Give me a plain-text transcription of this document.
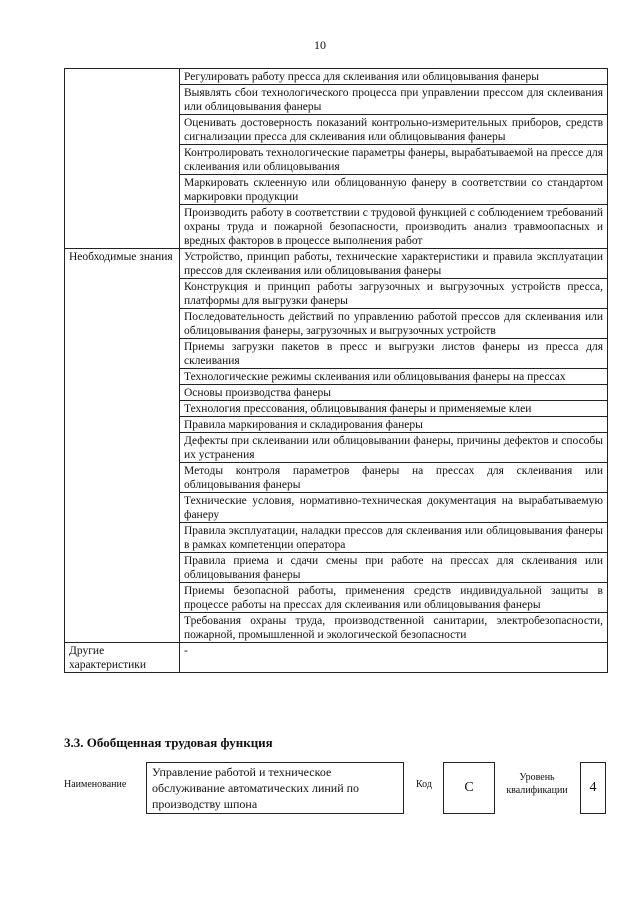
10
	Регулировать работу пресса для склеивания или облицовывания фанеры
	Выявлять сбои технологического процесса при управлении прессом для склеивания или облицовывания фанеры
	Оценивать достоверность показаний контрольно-измерительных приборов, средств сигнализации пресса для склеивания или облицовывания фанеры
	Контролировать технологические параметры фанеры, вырабатываемой на прессе для склеивания или облицовывания
	Маркировать склеенную или облицованную фанеру в соответствии со стандартом маркировки продукции
	Производить работу в соответствии с трудовой функцией с соблюдением требований охраны труда и пожарной безопасности, производить анализ травмоопасных и вредных факторов в процессе выполнения работ
Необходимые знания	Устройство, принцип работы, технические характеристики и правила эксплуатации прессов для склеивания или облицовывания фанеры
	Конструкция и принцип работы загрузочных и выгрузочных устройств пресса, платформы для выгрузки фанеры
	Последовательность действий по управлению работой прессов для склеивания или облицовывания фанеры, загрузочных и выгрузочных устройств
	Приемы загрузки пакетов в пресс и выгрузки листов фанеры из пресса для склеивания
	Технологические режимы склеивания или облицовывания фанеры на прессах
	Основы производства фанеры
	Технология прессования, облицовывания фанеры и применяемые клеи
	Правила маркирования и складирования фанеры
	Дефекты при склеивании или облицовывании фанеры, причины дефектов и способы их устранения
	Методы контроля параметров фанеры на прессах для склеивания или облицовывания фанеры
	Технические условия, нормативно-техническая документация на вырабатываемую фанеру
	Правила эксплуатации, наладки прессов для склеивания или облицовывания фанеры в рамках компетенции оператора
	Правила приема и сдачи смены при работе на прессах для склеивания или облицовывания фанеры
	Приемы безопасной работы, применения средств индивидуальной защиты в процессе работы на прессах для склеивания или облицовывания фанеры
	Требования охраны труда, производственной санитарии, электробезопасности, пожарной, промышленной и экологической безопасности
Другие характеристики	-
3.3. Обобщенная трудовая функция
Наименование
Управление работой и техническое обслуживание автоматических линий по производству шпона
Код	C
Уровень квалификации	4
